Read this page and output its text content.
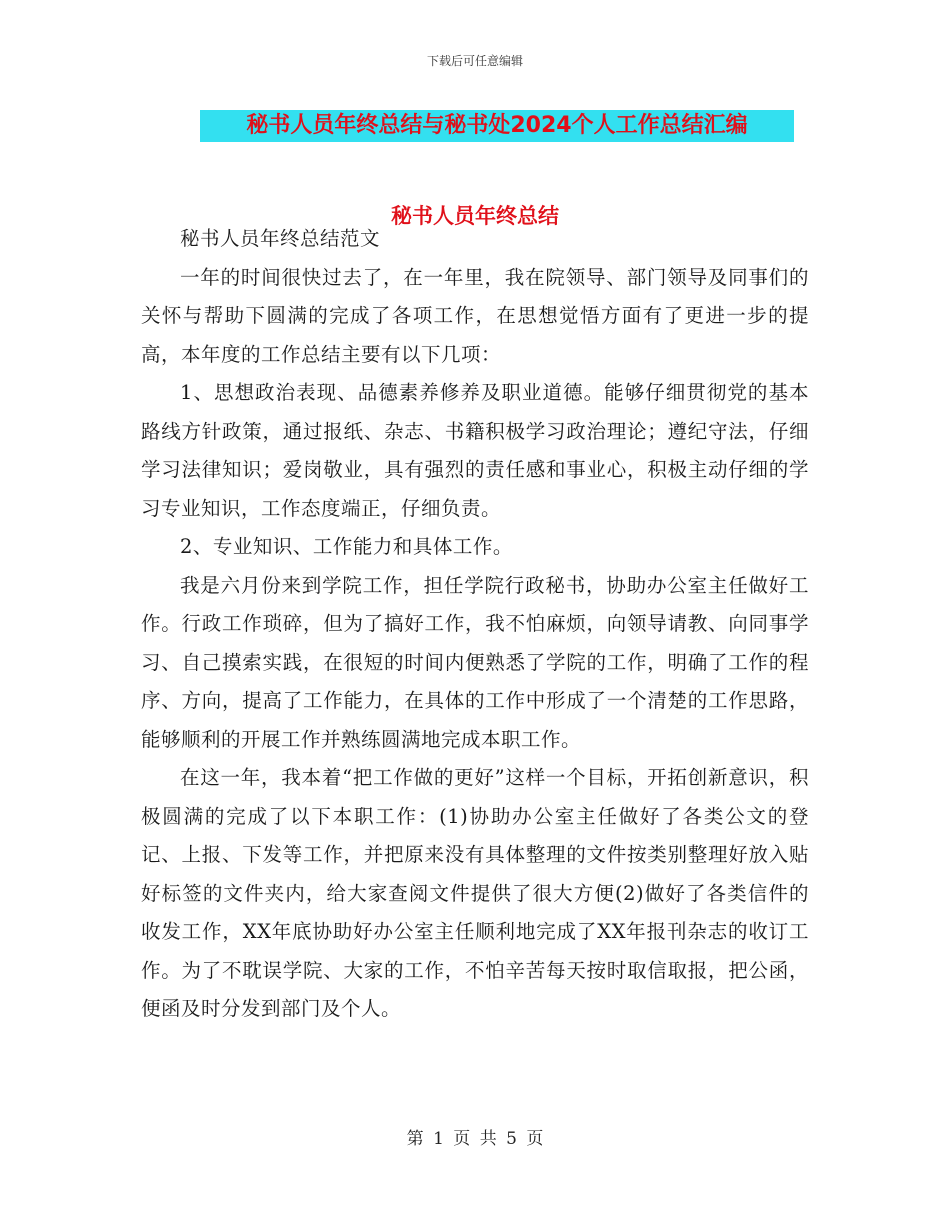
下载后可任意编辑
秘书人员年终总结与秘书处2024个人工作总结汇编
秘书人员年终总结

秘书人员年终总结范文

一年的时间很快过去了，在一年里，我在院领导、部门领导及同事们的关怀与帮助下圆满的完成了各项工作，在思想觉悟方面有了更进一步的提高，本年度的工作总结主要有以下几项：

1、思想政治表现、品德素养修养及职业道德。能够仔细贯彻党的基本路线方针政策，通过报纸、杂志、书籍积极学习政治理论；遵纪守法，仔细学习法律知识；爱岗敬业，具有强烈的责任感和事业心，积极主动仔细的学习专业知识，工作态度端正，仔细负责。

2、专业知识、工作能力和具体工作。

我是六月份来到学院工作，担任学院行政秘书，协助办公室主任做好工作。行政工作琐碎，但为了搞好工作，我不怕麻烦，向领导请教、向同事学习、自己摸索实践，在很短的时间内便熟悉了学院的工作，明确了工作的程序、方向，提高了工作能力，在具体的工作中形成了一个清楚的工作思路，能够顺利的开展工作并熟练圆满地完成本职工作。

在这一年，我本着“把工作做的更好”这样一个目标，开拓创新意识，积极圆满的完成了以下本职工作：(1)协助办公室主任做好了各类公文的登记、上报、下发等工作，并把原来没有具体整理的文件按类别整理好放入贴好标签的文件夹内，给大家查阅文件提供了很大方便(2)做好了各类信件的收发工作，XX年底协助好办公室主任顺利地完成了XX年报刊杂志的收订工作。为了不耽误学院、大家的工作，不怕辛苦每天按时取信取报，把公函，便函及时分发到部门及个人。

第 1 页 共 5 页
